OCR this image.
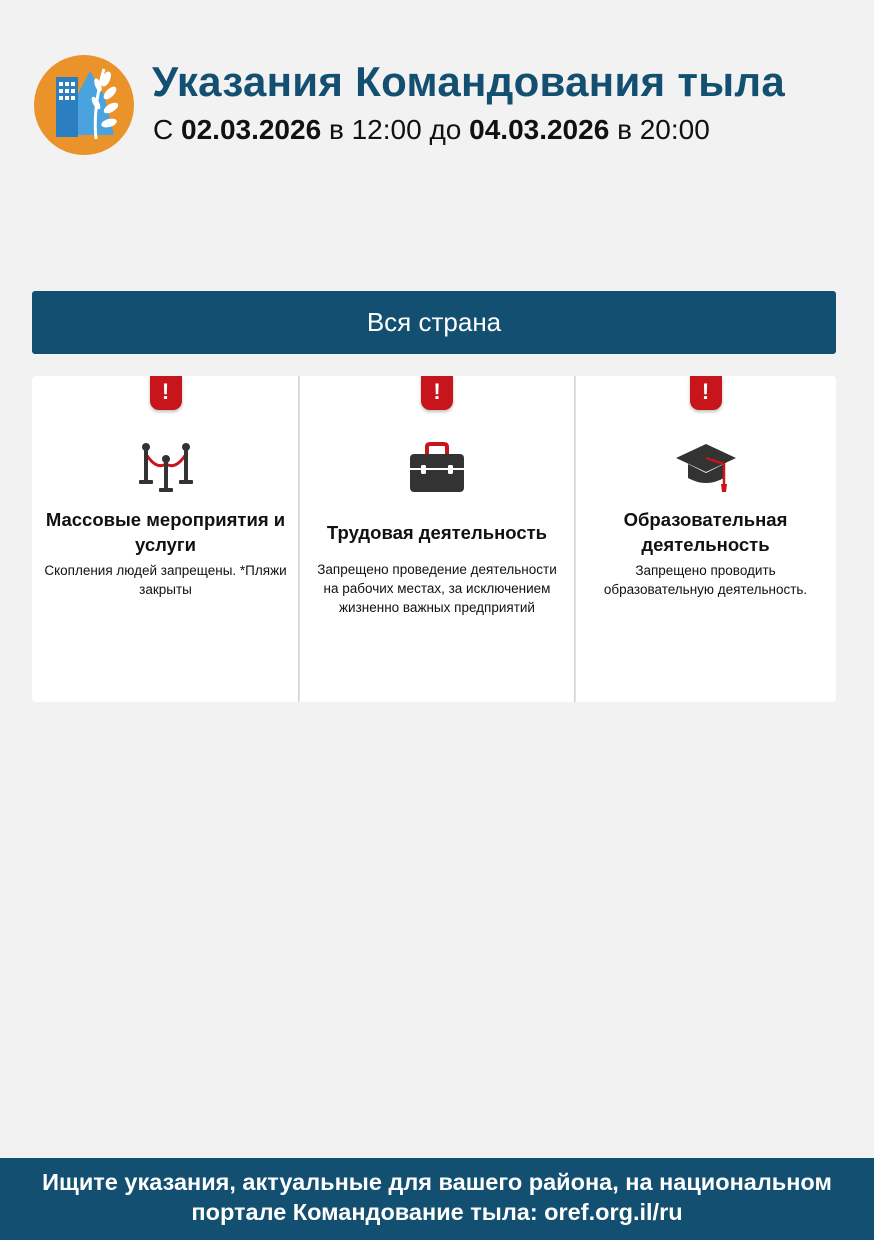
Указания Командования тыла
С 02.03.2026 в 12:00 до 04.03.2026 в 20:00
Вся страна
!
Массовые мероприятия и услуги
Скопления людей запрещены. *Пляжи закрыты
!
Трудовая деятельность
Запрещено проведение деятельности на рабочих местах, за исключением жизненно важных предприятий
!
Образовательная деятельность
Запрещено проводить образовательную деятельность.
Ищите указания, актуальные для вашего района, на национальном портале Командование тыла: oref.org.il/ru
